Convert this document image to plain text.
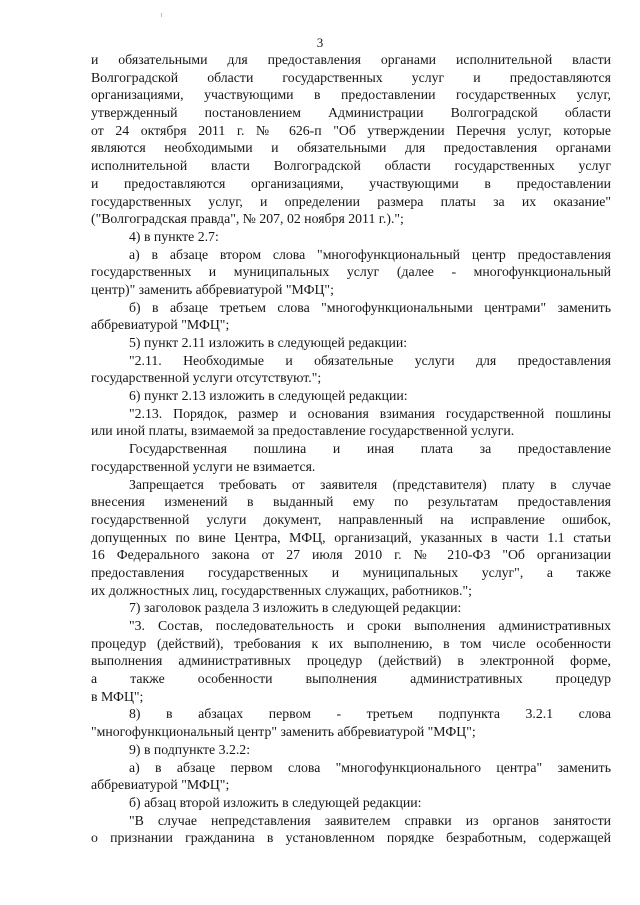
3
и обязательными для предоставления органами исполнительной власти
Волгоградской области государственных услуг и предоставляются
организациями, участвующими в предоставлении государственных услуг,
утвержденный постановлением Администрации Волгоградской области
от 24 октября 2011 г. № 626-п "Об утверждении Перечня услуг, которые
являются необходимыми и обязательными для предоставления органами
исполнительной власти Волгоградской области государственных услуг
и предоставляются организациями, участвующими в предоставлении
государственных услуг, и определении размера платы за их оказание"
("Волгоградская правда", № 207, 02 ноября 2011 г.).";
4) в пункте 2.7:
а) в абзаце втором слова "многофункциональный центр предоставления
государственных и муниципальных услуг (далее - многофункциональный
центр)" заменить аббревиатурой "МФЦ";
б) в абзаце третьем слова "многофункциональными центрами" заменить
аббревиатурой "МФЦ";
5) пункт 2.11 изложить в следующей редакции:
"2.11. Необходимые и обязательные услуги для предоставления
государственной услуги отсутствуют.";
6) пункт 2.13 изложить в следующей редакции:
"2.13. Порядок, размер и основания взимания государственной пошлины
или иной платы, взимаемой за предоставление государственной услуги.
Государственная пошлина и иная плата за предоставление
государственной услуги не взимается.
Запрещается требовать от заявителя (представителя) плату в случае
внесения изменений в выданный ему по результатам предоставления
государственной услуги документ, направленный на исправление ошибок,
допущенных по вине Центра, МФЦ, организаций, указанных в части 1.1 статьи
16 Федерального закона от 27 июля 2010 г. № 210-ФЗ "Об организации
предоставления государственных и муниципальных услуг", а также
их должностных лиц, государственных служащих, работников.";
7) заголовок раздела 3 изложить в следующей редакции:
"3. Состав, последовательность и сроки выполнения административных
процедур (действий), требования к их выполнению, в том числе особенности
выполнения административных процедур (действий) в электронной форме,
а также особенности выполнения административных процедур
в МФЦ";
8) в абзацах первом - третьем подпункта 3.2.1 слова
"многофункциональный центр" заменить аббревиатурой "МФЦ";
9) в подпункте 3.2.2:
а) в абзаце первом слова "многофункционального центра" заменить
аббревиатурой "МФЦ";
б) абзац второй изложить в следующей редакции:
"В случае непредставления заявителем справки из органов занятости
о признании гражданина в установленном порядке безработным, содержащей
